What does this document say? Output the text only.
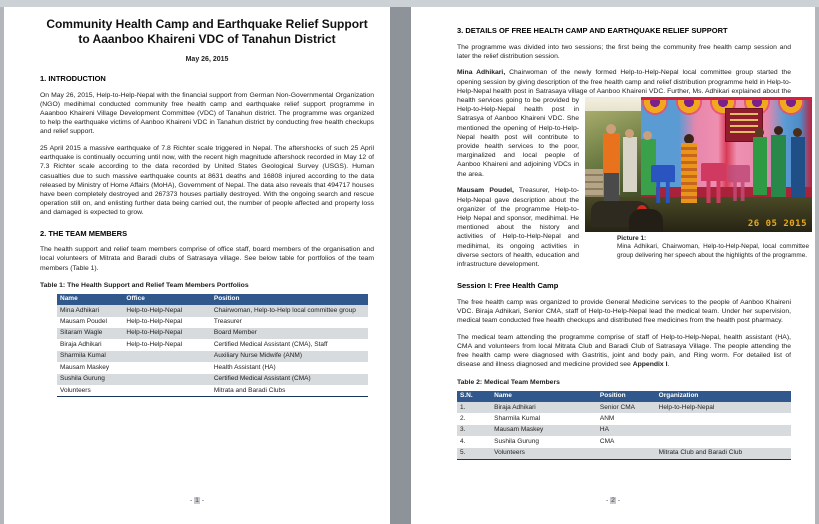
Community Health Camp and Earthquake Relief Support to Aaanboo Khaireni VDC of Tanahun District
May 26, 2015
1. INTRODUCTION

On May 26, 2015, Help-to-Help-Nepal with the financial support from German Non-Governmental Organization (NGO) medihimal conducted community free health camp and earthquake relief support programme in Aaanboo Khaireni Village Development Committee (VDC) of Tanahun district. The programme was organized to help the earthquake victims of Aanboo Khaireni VDC in Tanahun district by conducting free health checkups and relief support.

25 April 2015 a massive earthquake of 7.8 Richter scale triggered in Nepal. The aftershocks of such 25 April earthquake is continually occurring until now, with the recent high magnitude aftershock recorded in May 12 of 7.3 Richter scale according to the data recorded by United States Geological Survey (USGS). Human casualties due to such massive earthquake counts at 8631 deaths and 16808 injured according to the data released by Ministry of Home Affairs (MoHA), Government of Nepal. The data also reveals that 494717 houses have been completely destroyed and 267373 houses partially destroyed. With the ongoing search and rescue operation still on, and enlisting further data being carried out, the number of people affected and property loss and damaged is expected to grow.

2. THE TEAM MEMBERS

The health support and relief team members comprise of office staff, board members of the organisation and local volunteers of Mitrata and Baradi clubs of Satrasaya village. See below table for portfolios of the team members (Table 1).

Table 1: The Health Support and Relief Team Members Portfolios
Name	Office	Position
Mina Adhikari	Help-to-Help-Nepal	Chairwoman, Help-to-Help local committee group
Mausam Poudel	Help-to-Help-Nepal	Treasurer
Sitaram Wagle	Help-to-Help-Nepal	Board Member
Biraja Adhikari	Help-to-Help-Nepal	Certified Medical Assistant (CMA), Staff
Sharmila Kumal		Auxiliary Nurse Midwife (ANM)
Mausam Maskey		Health Assistant (HA)
Sushila Gurung		Certified Medical Assistant (CMA)
Volunteers		Mitrata and Baradi Clubs
- 1 -
3. DETAILS OF FREE HEALTH CAMP AND EARTHQUAKE RELIEF SUPPORT

The programme was divided into two sessions; the first being the community free health camp session and later the relief distribution session.

Mina Adhikari, Chairwoman of the newly formed Help-to-Help-Nepal local committee group started the opening session by giving description of the free health camp and relief distribution programme held in Help-to-Help-Nepal health post in Satrasaya village of
26 05 2015
Picture 1:
Mina Adhikari, Chairwoman, Help-to-Help-Nepal, local committee group delivering her speech about the highlights of the programme.
Aanboo Khaireni VDC. Further, Ms. Adhikari explained about the health services going to be provided by Help-to-Help-Nepal health post in Satrasya of Aanboo Khaireni VDC. She mentioned the opening of Help-to-Help-Nepal health post will contribute to provide health services to the poor, marginalized and local people of Aanboo Khaireni and adjoining VDCs in the area.

Mausam Poudel, Treasurer, Help-to-Help-Nepal gave description about the organizer of the programme Help-to-Help Nepal and sponsor, medihimal. He mentioned about the history and activities of Help-to-Help-Nepal and medihimal, its ongoing activities in diverse sectors of health, education and infrastructure development.

Session I: Free Health Camp

The free health camp was organized to provide General Medicine services to the people of Aanboo Khaireni VDC. Biraja Adhikari, Senior CMA, staff of Help-to-Help-Nepal lead the medical team. Under her supervision, medical team conducted free health checkups and distributed free medicines from the health post pharmacy.

The medical team attending the programme comprise of staff of Help-to-Help-Nepal, health assistant (HA), CMA and volunteers from local Mitrata Club and Baradi Club of Satrasaya Village. The people attending the free health camp were diagnosed with Gastritis, joint and body pain, and Ring worm. For detailed list of disease and illness diagnosed and medicine provided see Appendix I.

Table 2: Medical Team Members
S.N.	Name	Position	Organization
1.	Biraja Adhikari	Senior CMA	Help-to-Help-Nepal
2.	Sharmila Kumal	ANM	
3.	Mausam Maskey	HA	
4.	Sushila Gurung	CMA	
5.	Volunteers		Mitrata Club and Baradi Club
- 2 -
